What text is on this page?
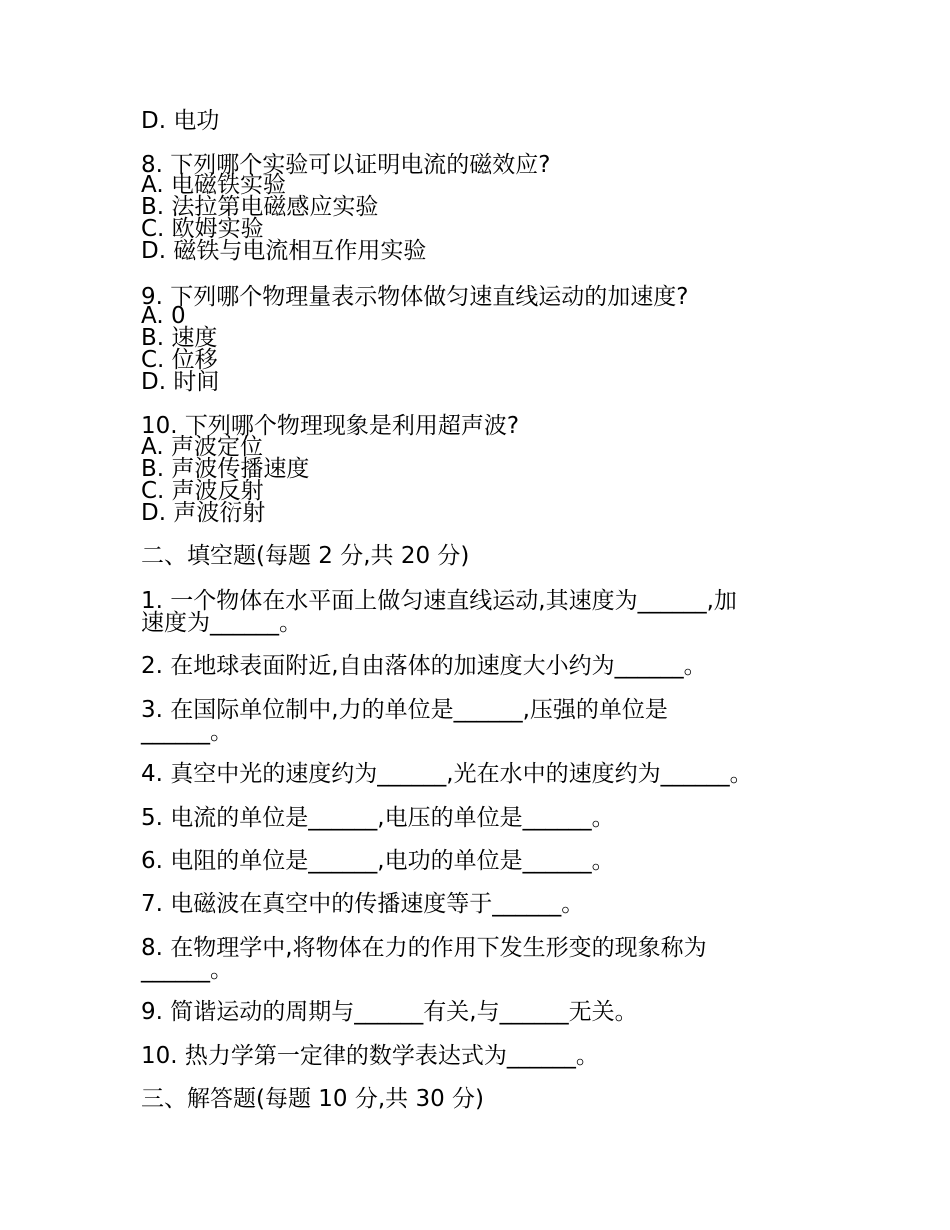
D. 电功
8. 下列哪个实验可以证明电流的磁效应?
A. 电磁铁实验
B. 法拉第电磁感应实验
C. 欧姆实验
D. 磁铁与电流相互作用实验
9. 下列哪个物理量表示物体做匀速直线运动的加速度?
A. 0
B. 速度
C. 位移
D. 时间
10. 下列哪个物理现象是利用超声波?
A. 声波定位
B. 声波传播速度
C. 声波反射
D. 声波衍射
二、填空题(每题 2 分,共 20 分)
1. 一个物体在水平面上做匀速直线运动,其速度为______,加
速度为______。
2. 在地球表面附近,自由落体的加速度大小约为______。
3. 在国际单位制中,力的单位是______,压强的单位是
______。
4. 真空中光的速度约为______,光在水中的速度约为______。
5. 电流的单位是______,电压的单位是______。
6. 电阻的单位是______,电功的单位是______。
7. 电磁波在真空中的传播速度等于______。
8. 在物理学中,将物体在力的作用下发生形变的现象称为
______。
9. 简谐运动的周期与______有关,与______无关。
10. 热力学第一定律的数学表达式为______。
三、解答题(每题 10 分,共 30 分)
